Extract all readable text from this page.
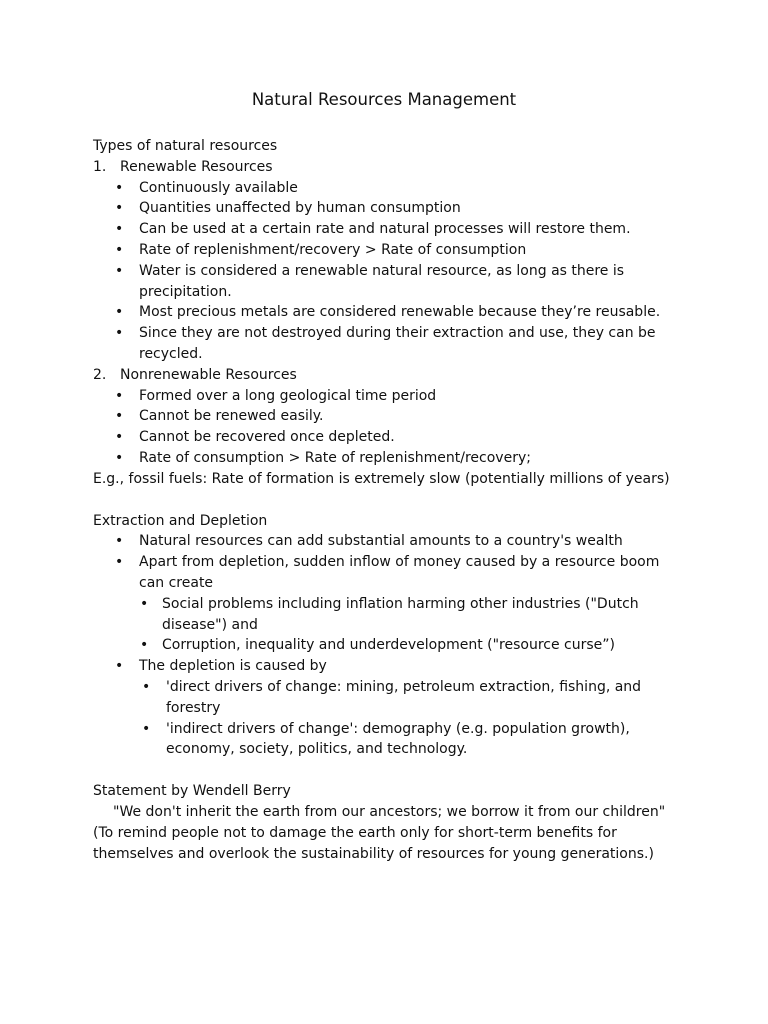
Natural Resources Management
Types of natural resources
1. Renewable Resources
• Continuously available
• Quantities unaffected by human consumption
• Can be used at a certain rate and natural processes will restore them.
• Rate of replenishment/recovery > Rate of consumption
• Water is considered a renewable natural resource, as long as there is
precipitation.
• Most precious metals are considered renewable because they’re reusable.
• Since they are not destroyed during their extraction and use, they can be
recycled.
2. Nonrenewable Resources
• Formed over a long geological time period
• Cannot be renewed easily.
• Cannot be recovered once depleted.
• Rate of consumption > Rate of replenishment/recovery;
E.g., fossil fuels: Rate of formation is extremely slow (potentially millions of years)
Extraction and Depletion
• Natural resources can add substantial amounts to a country's wealth
• Apart from depletion, sudden inflow of money caused by a resource boom
can create
• Social problems including inflation harming other industries ("Dutch
disease") and
• Corruption, inequality and underdevelopment ("resource curse”)
• The depletion is caused by
• 'direct drivers of change: mining, petroleum extraction, fishing, and
forestry
• 'indirect drivers of change': demography (e.g. population growth),
economy, society, politics, and technology.
Statement by Wendell Berry
"We don't inherit the earth from our ancestors; we borrow it from our children"
(To remind people not to damage the earth only for short-term benefits for
themselves and overlook the sustainability of resources for young generations.)
